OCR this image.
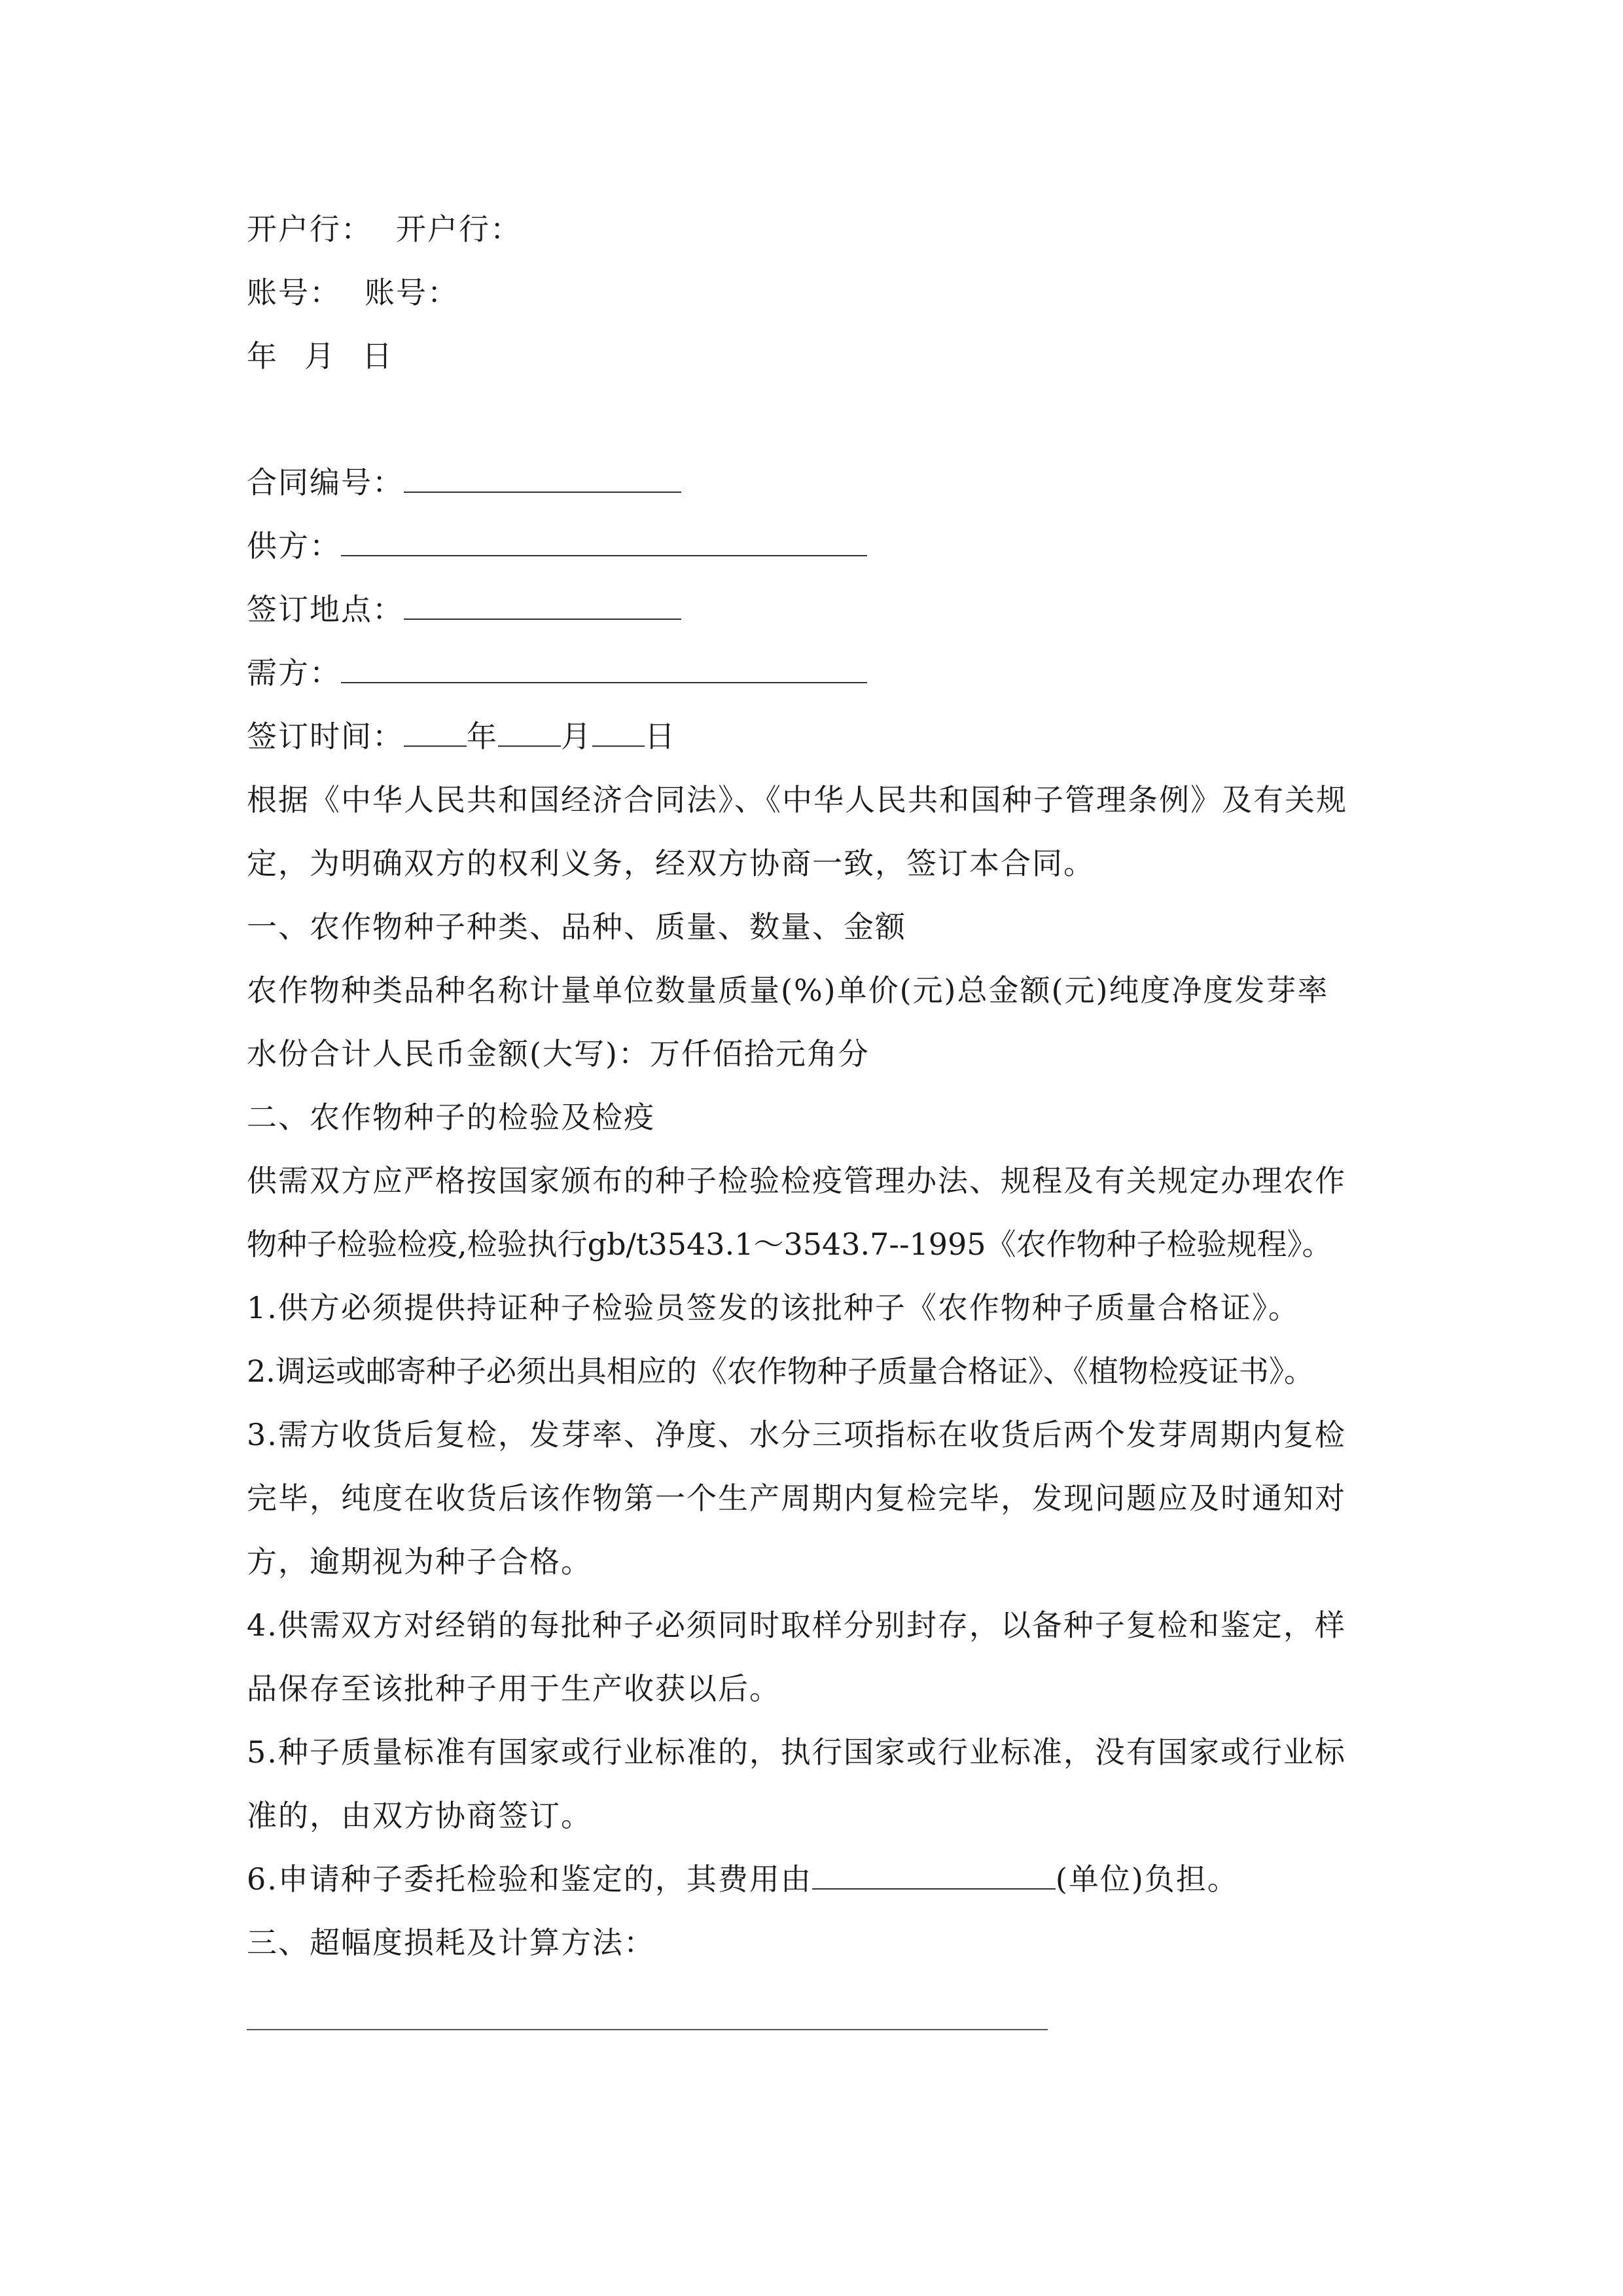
开户行： 开户行：
账号： 账号：
年 月 日
合同编号：
供方：
签订地点：
需方：
签订时间： 年 月 日
根据《中华人民共和国经济合同法》、《中华人民共和国种子管理条例》及有关规
定，为明确双方的权利义务，经双方协商一致，签订本合同。
一、农作物种子种类、品种、质量、数量、金额
农作物种类品种名称计量单位数量质量(%)单价(元)总金额(元)纯度净度发芽率
水份合计人民币金额(大写)：万仟佰拾元角分
二、农作物种子的检验及检疫
供需双方应严格按国家颁布的种子检验检疫管理办法、规程及有关规定办理农作
物种子检验检疫,检验执行gb/t3543.1～3543.7--1995《农作物种子检验规程》。
1.供方必须提供持证种子检验员签发的该批种子《农作物种子质量合格证》。
2.调运或邮寄种子必须出具相应的《农作物种子质量合格证》、《植物检疫证书》。
3.需方收货后复检，发芽率、净度、水分三项指标在收货后两个发芽周期内复检
完毕，纯度在收货后该作物第一个生产周期内复检完毕，发现问题应及时通知对
方，逾期视为种子合格。
4.供需双方对经销的每批种子必须同时取样分别封存，以备种子复检和鉴定，样
品保存至该批种子用于生产收获以后。
5.种子质量标准有国家或行业标准的，执行国家或行业标准，没有国家或行业标
准的，由双方协商签订。
6.申请种子委托检验和鉴定的，其费用由	(单位)负担。
三、超幅度损耗及计算方法：
